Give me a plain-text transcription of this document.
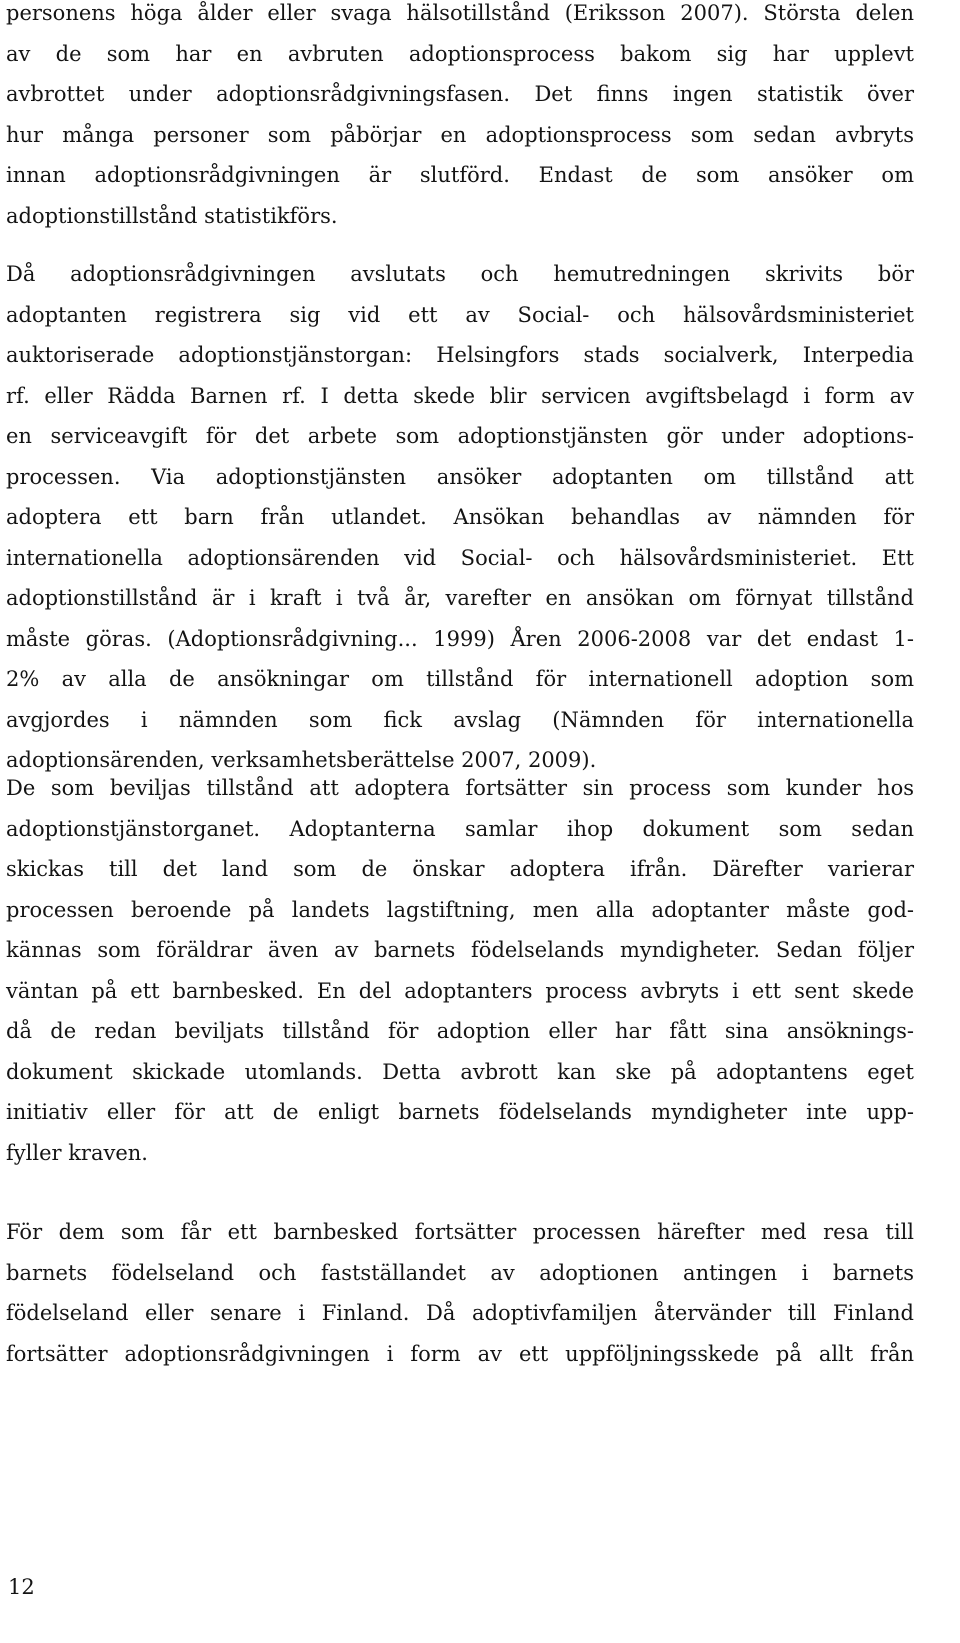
personens höga ålder eller svaga hälsotillstånd (Eriksson 2007). Största delen
av de som har en avbruten adoptionsprocess bakom sig har upplevt
avbrottet under adoptionsrådgivningsfasen. Det finns ingen statistik över
hur många personer som påbörjar en adoptionsprocess som sedan avbryts
innan adoptionsrådgivningen är slutförd. Endast de som ansöker om
adoptionstillstånd statistikförs.
Då adoptionsrådgivningen avslutats och hemutredningen skrivits bör
adoptanten registrera sig vid ett av Social- och hälsovårdsministeriet
auktoriserade adoptionstjänstorgan: Helsingfors stads socialverk, Interpedia
rf. eller Rädda Barnen rf. I detta skede blir servicen avgiftsbelagd i form av
en serviceavgift för det arbete som adoptionstjänsten gör under adoptions-
processen. Via adoptionstjänsten ansöker adoptanten om tillstånd att
adoptera ett barn från utlandet. Ansökan behandlas av nämnden för
internationella adoptionsärenden vid Social- och hälsovårdsministeriet. Ett
adoptionstillstånd är i kraft i två år, varefter en ansökan om förnyat tillstånd
måste göras. (Adoptionsrådgivning... 1999) Åren 2006-2008 var det endast 1-
2% av alla de ansökningar om tillstånd för internationell adoption som
avgjordes i nämnden som fick avslag (Nämnden för internationella
adoptionsärenden, verksamhetsberättelse 2007, 2009).
De som beviljas tillstånd att adoptera fortsätter sin process som kunder hos
adoptionstjänstorganet. Adoptanterna samlar ihop dokument som sedan
skickas till det land som de önskar adoptera ifrån. Därefter varierar
processen beroende på landets lagstiftning, men alla adoptanter måste god-
kännas som föräldrar även av barnets födelselands myndigheter. Sedan följer
väntan på ett barnbesked. En del adoptanters process avbryts i ett sent skede
då de redan beviljats tillstånd för adoption eller har fått sina ansöknings-
dokument skickade utomlands. Detta avbrott kan ske på adoptantens eget
initiativ eller för att de enligt barnets födelselands myndigheter inte upp-
fyller kraven.
För dem som får ett barnbesked fortsätter processen härefter med resa till
barnets födelseland och fastställandet av adoptionen antingen i barnets
födelseland eller senare i Finland. Då adoptivfamiljen återvänder till Finland
fortsätter adoptionsrådgivningen i form av ett uppföljningsskede på allt från
12
